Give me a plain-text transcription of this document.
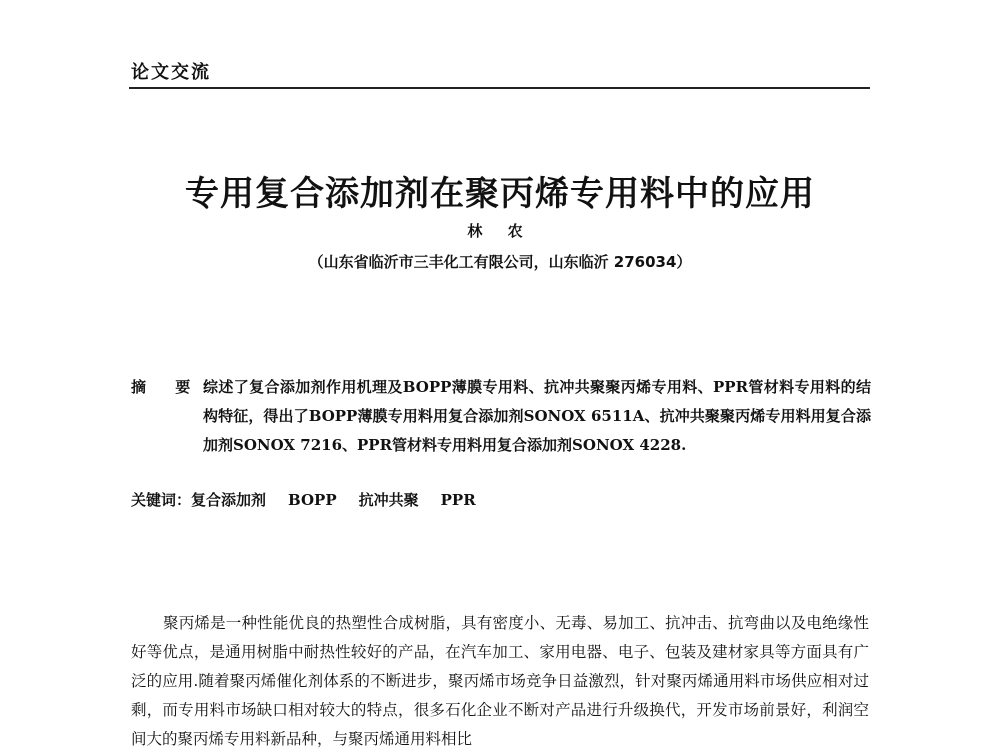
论文交流
专用复合添加剂在聚丙烯专用料中的应用
林 农
（山东省临沂市三丰化工有限公司，山东临沂 276034）
摘 要：
综述了复合添加剂作用机理及BOPP薄膜专用料、抗冲共聚聚丙烯专用料、PPR管材料专用料的结构特征，得出了BOPP薄膜专用料用复合添加剂SONOX 6511A、抗冲共聚聚丙烯专用料用复合添加剂SONOX 7216、PPR管材料专用料用复合添加剂SONOX 4228.
关键词：复合添加剂 BOPP 抗冲共聚 PPR
聚丙烯是一种性能优良的热塑性合成树脂，具有密度小、无毒、易加工、抗冲击、抗弯曲以及电绝缘性好等优点，是通用树脂中耐热性较好的产品，在汽车加工、家用电器、电子、包装及建材家具等方面具有广泛的应用.随着聚丙烯催化剂体系的不断进步，聚丙烯市场竞争日益激烈，针对聚丙烯通用料市场供应相对过剩，而专用料市场缺口相对较大的特点，很多石化企业不断对产品进行升级换代，开发市场前景好，利润空间大的聚丙烯专用料新品种，与聚丙烯通用料相比
